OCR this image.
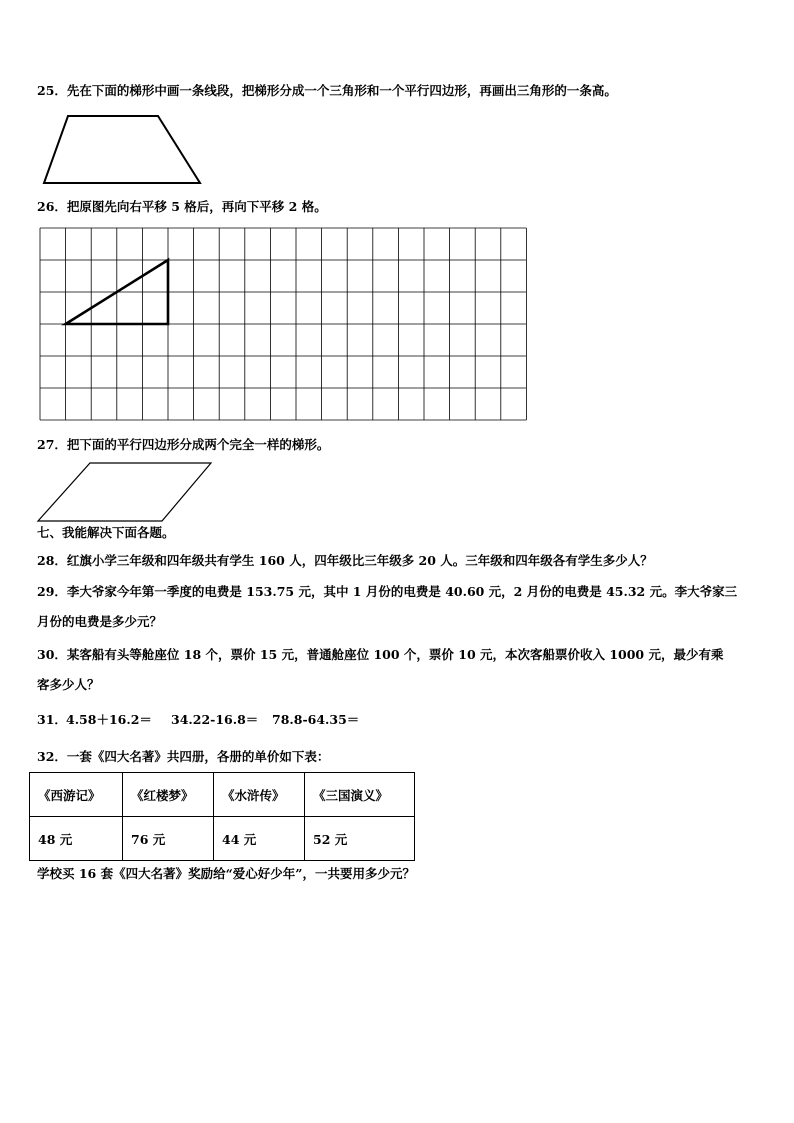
25．先在下面的梯形中画一条线段，把梯形分成一个三角形和一个平行四边形，再画出三角形的一条高。
26．把原图先向右平移 5 格后，再向下平移 2 格。
27．把下面的平行四边形分成两个完全一样的梯形。
七、我能解决下面各题。
28．红旗小学三年级和四年级共有学生 160 人，四年级比三年级多 20 人。三年级和四年级各有学生多少人？
29．李大爷家今年第一季度的电费是 153.75 元，其中 1 月份的电费是 40.60 元，2 月份的电费是 45.32 元。李大爷家三
月份的电费是多少元？
30．某客船有头等舱座位 18 个，票价 15 元，普通舱座位 100 个，票价 10 元，本次客船票价收入 1000 元，最少有乘
客多少人？
31． 4.58＋16.2＝ 34.22-16.8＝ 78.8-64.35＝
32．一套《四大名著》共四册，各册的单价如下表：
《西游记》	《红楼梦》	《水浒传》	《三国演义》
48 元	76 元	44 元	52 元
学校买 16 套《四大名著》奖励给“爱心好少年”，一共要用多少元？
